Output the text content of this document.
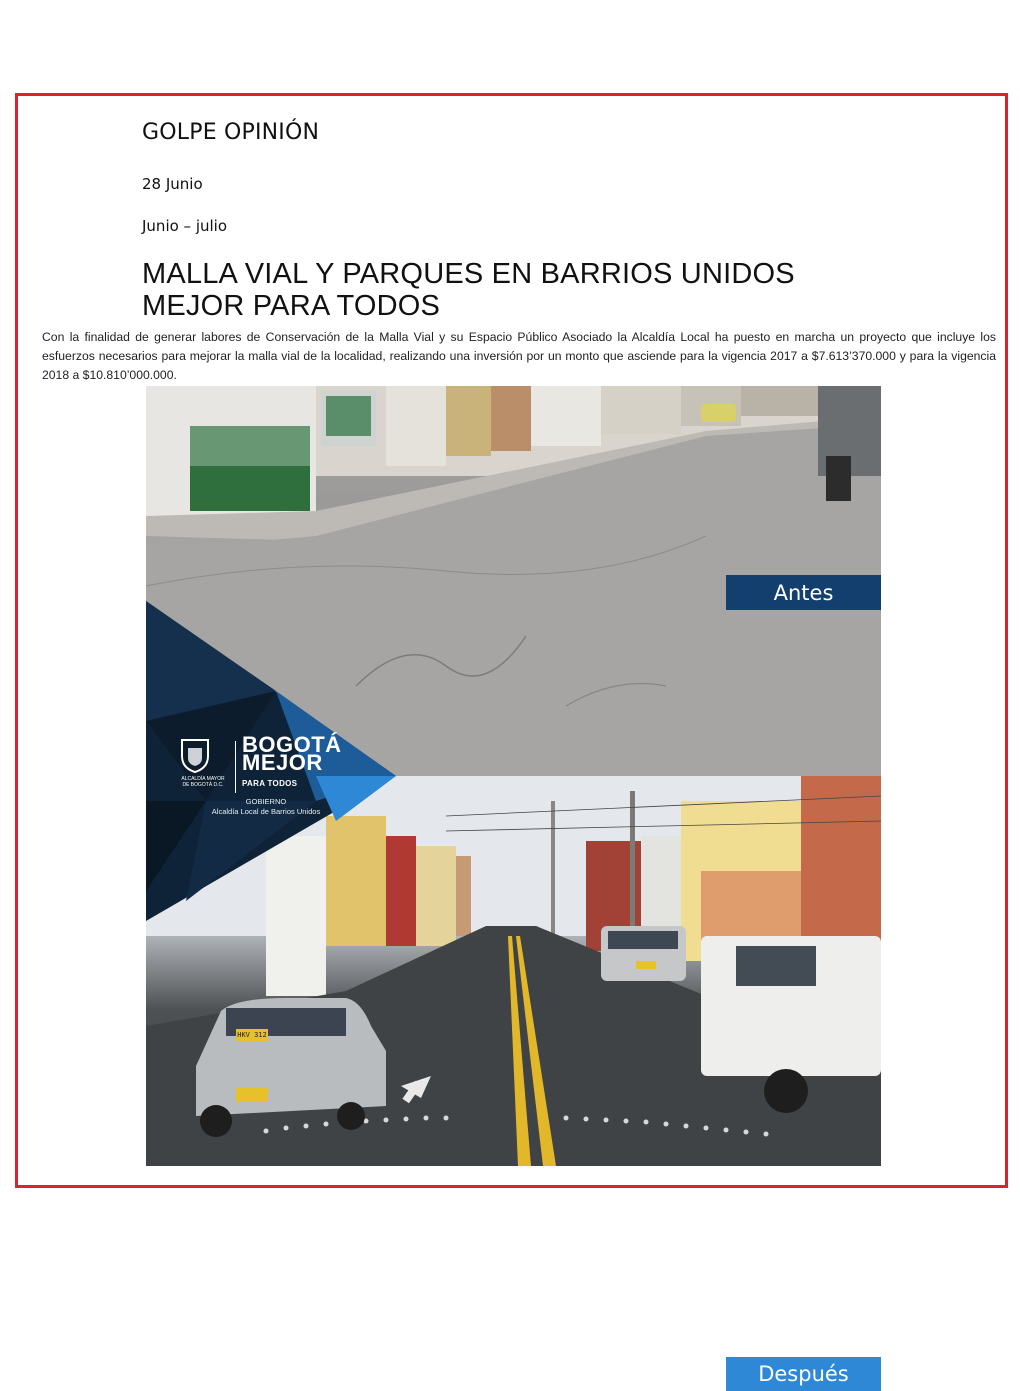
GOLPE OPINIÓN
28 Junio
Junio – julio
MALLA VIAL Y PARQUES EN BARRIOS UNIDOS
MEJOR PARA TODOS
Con la finalidad de generar labores de Conservación de la Malla Vial y su Espacio Público Asociado la Alcaldía Local ha puesto en marcha un proyecto que incluye los esfuerzos necesarios para mejorar la malla vial de la localidad, realizando una inversión por un monto que asciende para la vigencia 2017 a $7.613’370.000 y para la vigencia 2018 a $10.810’000.000.
Antes
Después
ALCALDÍA MAYOR
DE BOGOTÁ D.C.
BOGOTÁ
MEJOR
PARA TODOS
GOBIERNO
Alcaldía Local de Barrios Unidos
HKV 312
